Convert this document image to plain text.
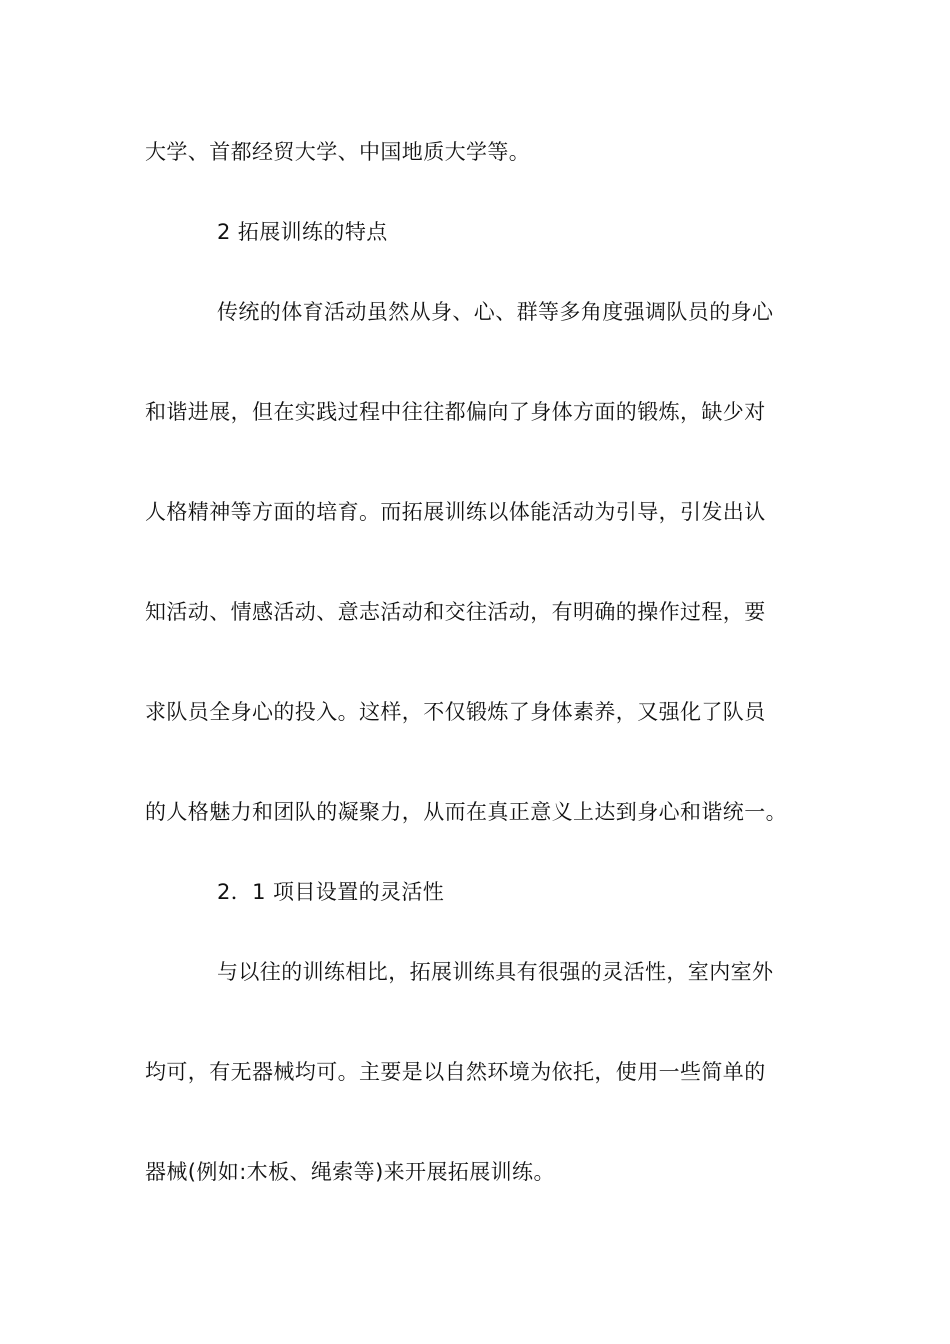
大学、首都经贸大学、中国地质大学等。
2 拓展训练的特点
传统的体育活动虽然从身、心、群等多角度强调队员的身心
和谐进展，但在实践过程中往往都偏向了身体方面的锻炼，缺少对
人格精神等方面的培育。而拓展训练以体能活动为引导，引发出认
知活动、情感活动、意志活动和交往活动，有明确的操作过程，要
求队员全身心的投入。这样，不仅锻炼了身体素养，又强化了队员
的人格魅力和团队的凝聚力，从而在真正意义上达到身心和谐统一。
2．1 项目设置的灵活性
与以往的训练相比，拓展训练具有很强的灵活性，室内室外
均可，有无器械均可。主要是以自然环境为依托，使用一些简单的
器械(例如:木板、绳索等)来开展拓展训练。
